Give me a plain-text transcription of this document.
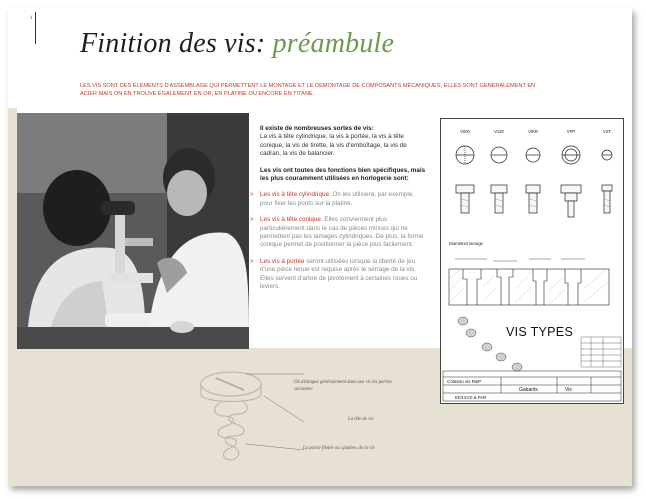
4
Finition des vis: préambule
LES VIS SONT DES ÉLÉMENTS D'ASSEMBLAGE QUI PERMETTENT LE MONTAGE ET LE DÉMONTAGE DE COMPOSANTS MÉCANIQUES, ELLES SONT GÉNÉRALEMENT EN ACIER MAIS ON EN TROUVE ÉGALEMENT EN OR, EN PLATINE OU ENCORE EN TITANE.
Il existe de nombreuses sortes de vis:
La vis à tête cylindrique, la vis à portée, la vis à tête conique, la vis de tirette, la vis d'emboîtage, la vis de cadran, la vis de balancier.
Les vis ont toutes des fonctions bien spécifiques, mais les plus couramment utilisées en horlogerie sont:
> Les vis à tête cylindrique. On les utilisera, par exemple, pour fixer les ponts sur la platine.
> Les vis à tête conique. Elles conviennent plus particulièrement dans le cas de pièces minces qui ne permettent pas les lamages cylindriques. De plus, la forme conique permet de positionner la pièce plus facilement.
> Les vis à portée seront utilisées lorsque la liberté de jeu d'une pièce tenue est requise après le serrage de la vis. Elles servent d'arbre de pivotement à certaines roues ou leviers.
V000	V120	V900	VPP	VST
Diamètres lamage
Cotation vis R&P
Gabarits	Vis
RENAUD & PAPI
VIS TYPES
On distingue généralement dans une vis les parties suivantes:
La tête de vis
La partie filetée ou «jambe» de la vis
